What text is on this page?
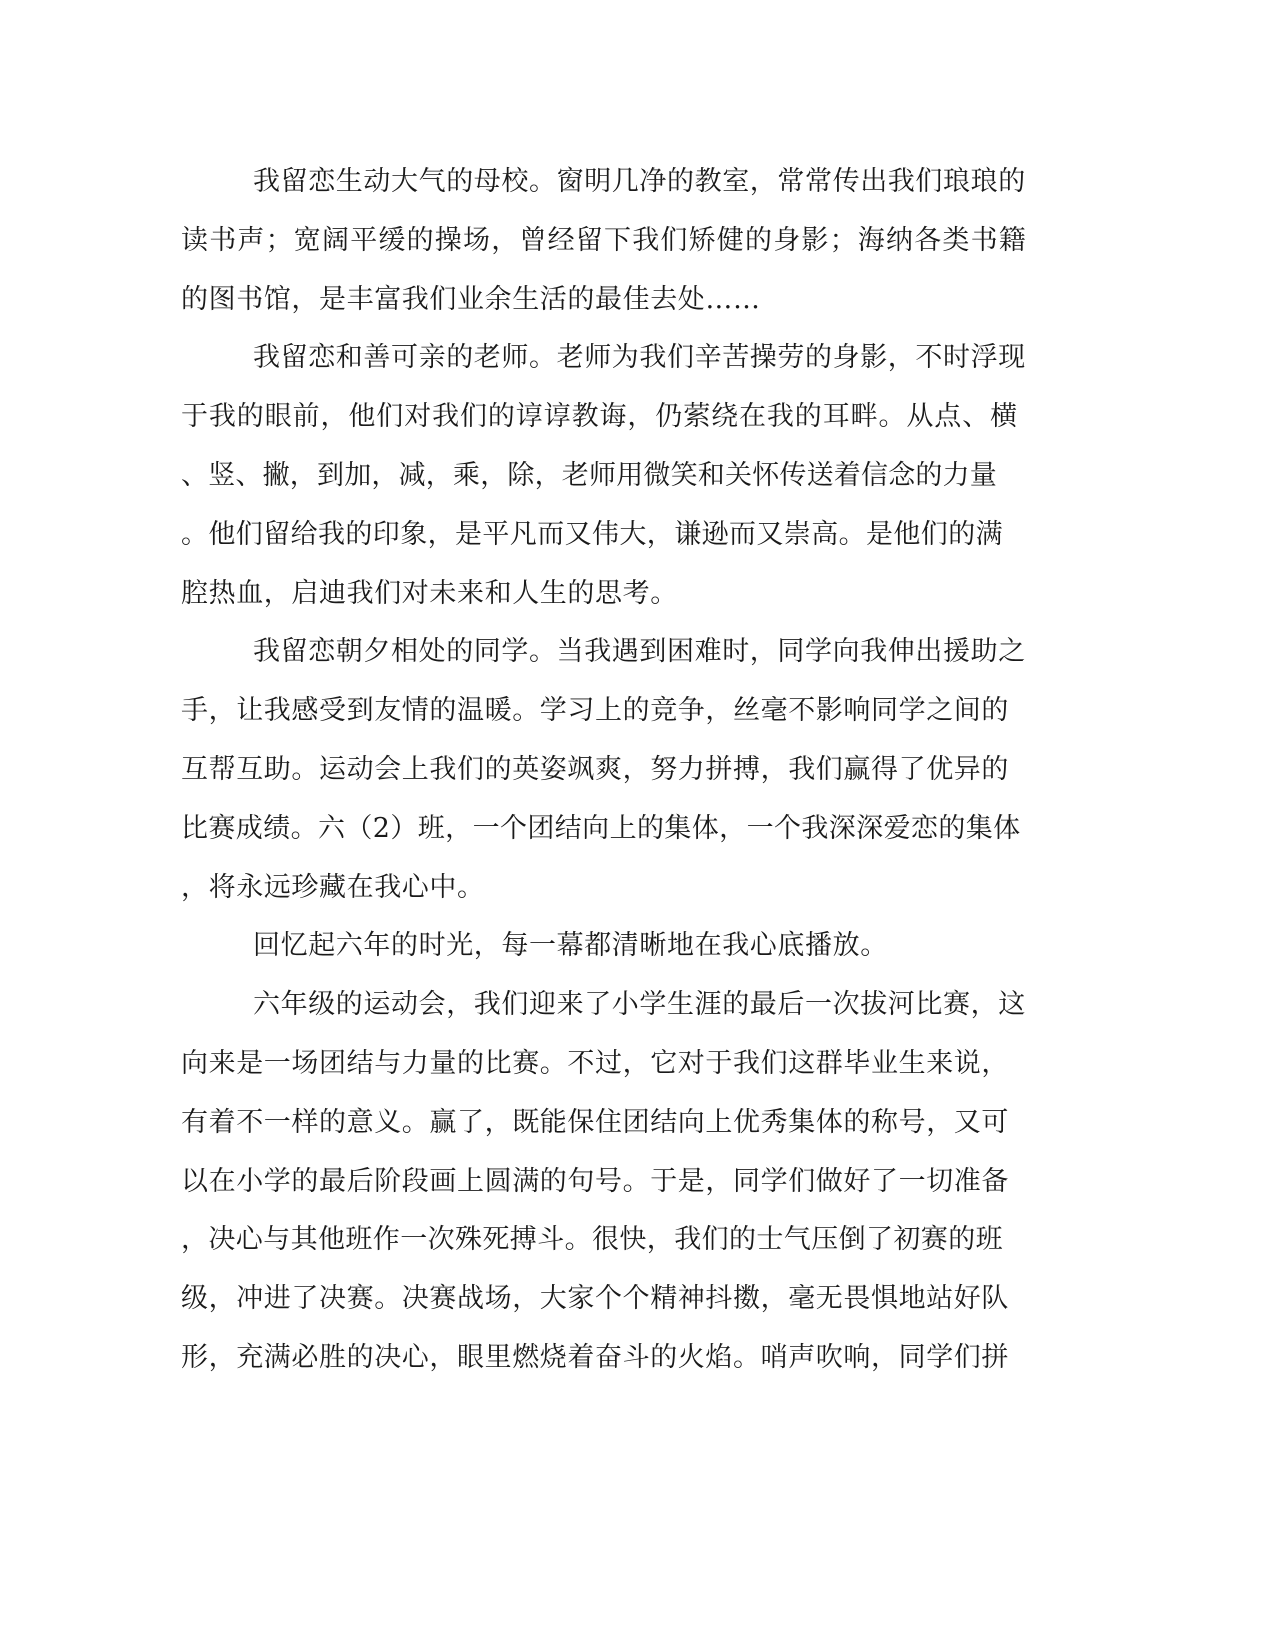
我留恋生动大气的母校。窗明几净的教室，常常传出我们琅琅的
读书声；宽阔平缓的操场，曾经留下我们矫健的身影；海纳各类书籍
的图书馆，是丰富我们业余生活的最佳去处……
我留恋和善可亲的老师。老师为我们辛苦操劳的身影，不时浮现
于我的眼前，他们对我们的谆谆教诲，仍萦绕在我的耳畔。从点、横
、竖、撇，到加，减，乘，除，老师用微笑和关怀传送着信念的力量
。他们留给我的印象，是平凡而又伟大，谦逊而又崇高。是他们的满
腔热血，启迪我们对未来和人生的思考。
我留恋朝夕相处的同学。当我遇到困难时，同学向我伸出援助之
手，让我感受到友情的温暖。学习上的竞争，丝毫不影响同学之间的
互帮互助。运动会上我们的英姿飒爽，努力拼搏，我们赢得了优异的
比赛成绩。六（2）班，一个团结向上的集体，一个我深深爱恋的集体
，将永远珍藏在我心中。
回忆起六年的时光，每一幕都清晰地在我心底播放。
六年级的运动会，我们迎来了小学生涯的最后一次拔河比赛，这
向来是一场团结与力量的比赛。不过，它对于我们这群毕业生来说，
有着不一样的意义。赢了，既能保住团结向上优秀集体的称号，又可
以在小学的最后阶段画上圆满的句号。于是，同学们做好了一切准备
，决心与其他班作一次殊死搏斗。很快，我们的士气压倒了初赛的班
级，冲进了决赛。决赛战场，大家个个精神抖擞，毫无畏惧地站好队
形，充满必胜的决心，眼里燃烧着奋斗的火焰。哨声吹响，同学们拼
